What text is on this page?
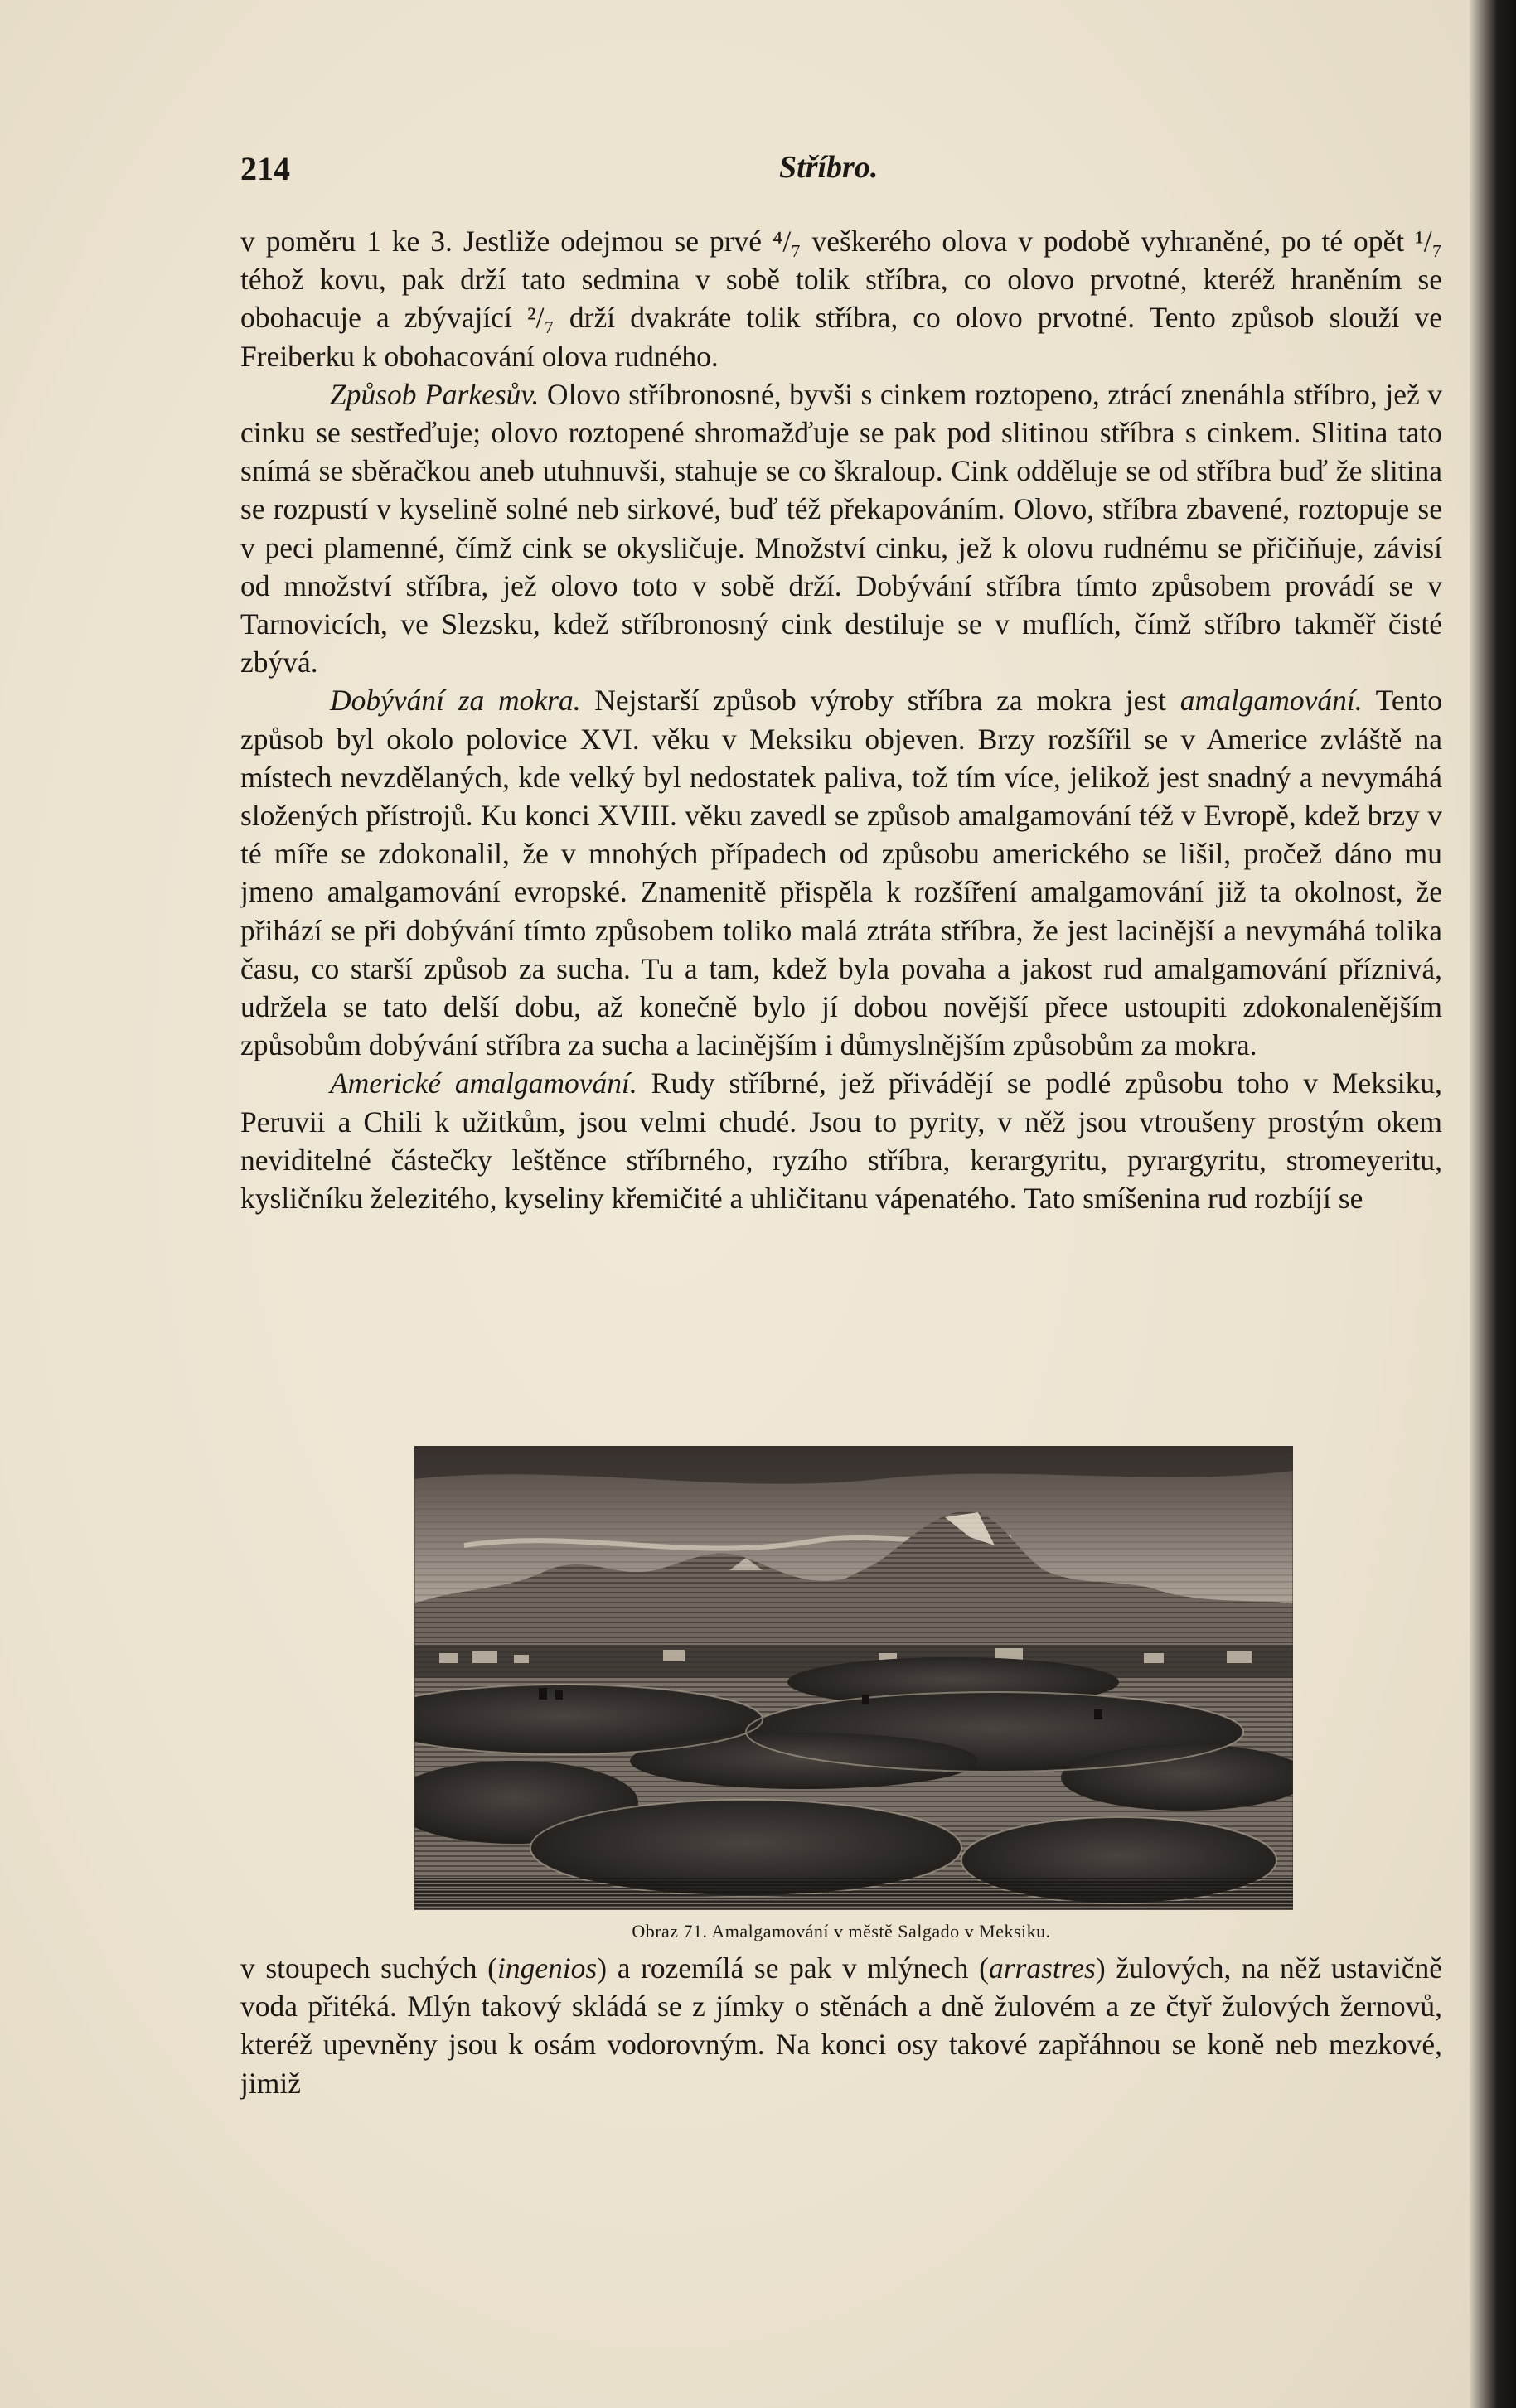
214	Stříbro.

v poměru 1 ke 3. Jestliže odejmou se prvé ⁴/₇ veškerého olova v podobě vyhraněné, po té opět ¹/₇ téhož kovu, pak drží tato sedmina v sobě tolik stříbra, co olovo prvotné, kteréž hraněním se obohacuje a zbývající ²/₇ drží dvakráte tolik stříbra, co olovo prvotné. Tento způsob slouží ve Freiberku k obohacování olova rudného.

Způsob Parkesův. Olovo stříbronosné, byvši s cinkem roztopeno, ztrácí znenáhla stříbro, jež v cinku se sestřeďuje; olovo roztopené shromažďuje se pak pod slitinou stříbra s cinkem. Slitina tato snímá se sběračkou aneb utuhnuvši, stahuje se co škraloup. Cink odděluje se od stříbra buď že slitina se rozpustí v kyselině solné neb sirkové, buď též překapováním. Olovo, stříbra zbavené, roztopuje se v peci plamenné, čímž cink se okysličuje. Množství cinku, jež k olovu rudnému se přičiňuje, závisí od množství stříbra, jež olovo toto v sobě drží. Dobývání stříbra tímto způsobem provádí se v Tarnovicích, ve Slezsku, kdež stříbronosný cink destiluje se v muflích, čímž stříbro takměř čisté zbývá.

Dobývání za mokra. Nejstarší způsob výroby stříbra za mokra jest amalgamování. Tento způsob byl okolo polovice XVI. věku v Meksiku objeven. Brzy rozšířil se v Americe zvláště na místech nevzdělaných, kde velký byl nedostatek paliva, tož tím více, jelikož jest snadný a nevymáhá složených přístrojů. Ku konci XVIII. věku zavedl se způsob amalgamování též v Evropě, kdež brzy v té míře se zdokonalil, že v mnohých případech od způsobu amerického se lišil, pročež dáno mu jmeno amalgamování evropské. Znamenitě přispěla k rozšíření amalgamování již ta okolnost, že přihází se při dobývání tímto způsobem toliko malá ztráta stříbra, že jest lacinější a nevymáhá tolika času, co starší způsob za sucha. Tu a tam, kdež byla povaha a jakost rud amalgamování příznivá, udržela se tato delší dobu, až konečně bylo jí dobou novější přece ustoupiti zdokonalenějším způsobům dobývání stříbra za sucha a lacinějším i důmyslnějším způsobům za mokra.

Americké amalgamování. Rudy stříbrné, jež přivádějí se podlé způsobu toho v Meksiku, Peruvii a Chili k užitkům, jsou velmi chudé. Jsou to pyrity, v něž jsou vtroušeny prostým okem neviditelné částečky leštěnce stříbrného, ryzího stříbra, kerargyritu, pyrargyritu, stromeyeritu, kysličníku železitého, kyseliny křemičité a uhličitanu vápenatého. Tato smíšenina rud rozbíjí se

Obraz 71. Amalgamování v městě Salgado v Meksiku.

v stoupech suchých (ingenios) a rozemílá se pak v mlýnech (arrastres) žulových, na něž ustavičně voda přitéká. Mlýn takový skládá se z jímky o stěnách a dně žulovém a ze čtyř žulových žernovů, kteréž upevněny jsou k osám vodorovným. Na konci osy takové zapřáhnou se koně neb mezkové, jimiž
